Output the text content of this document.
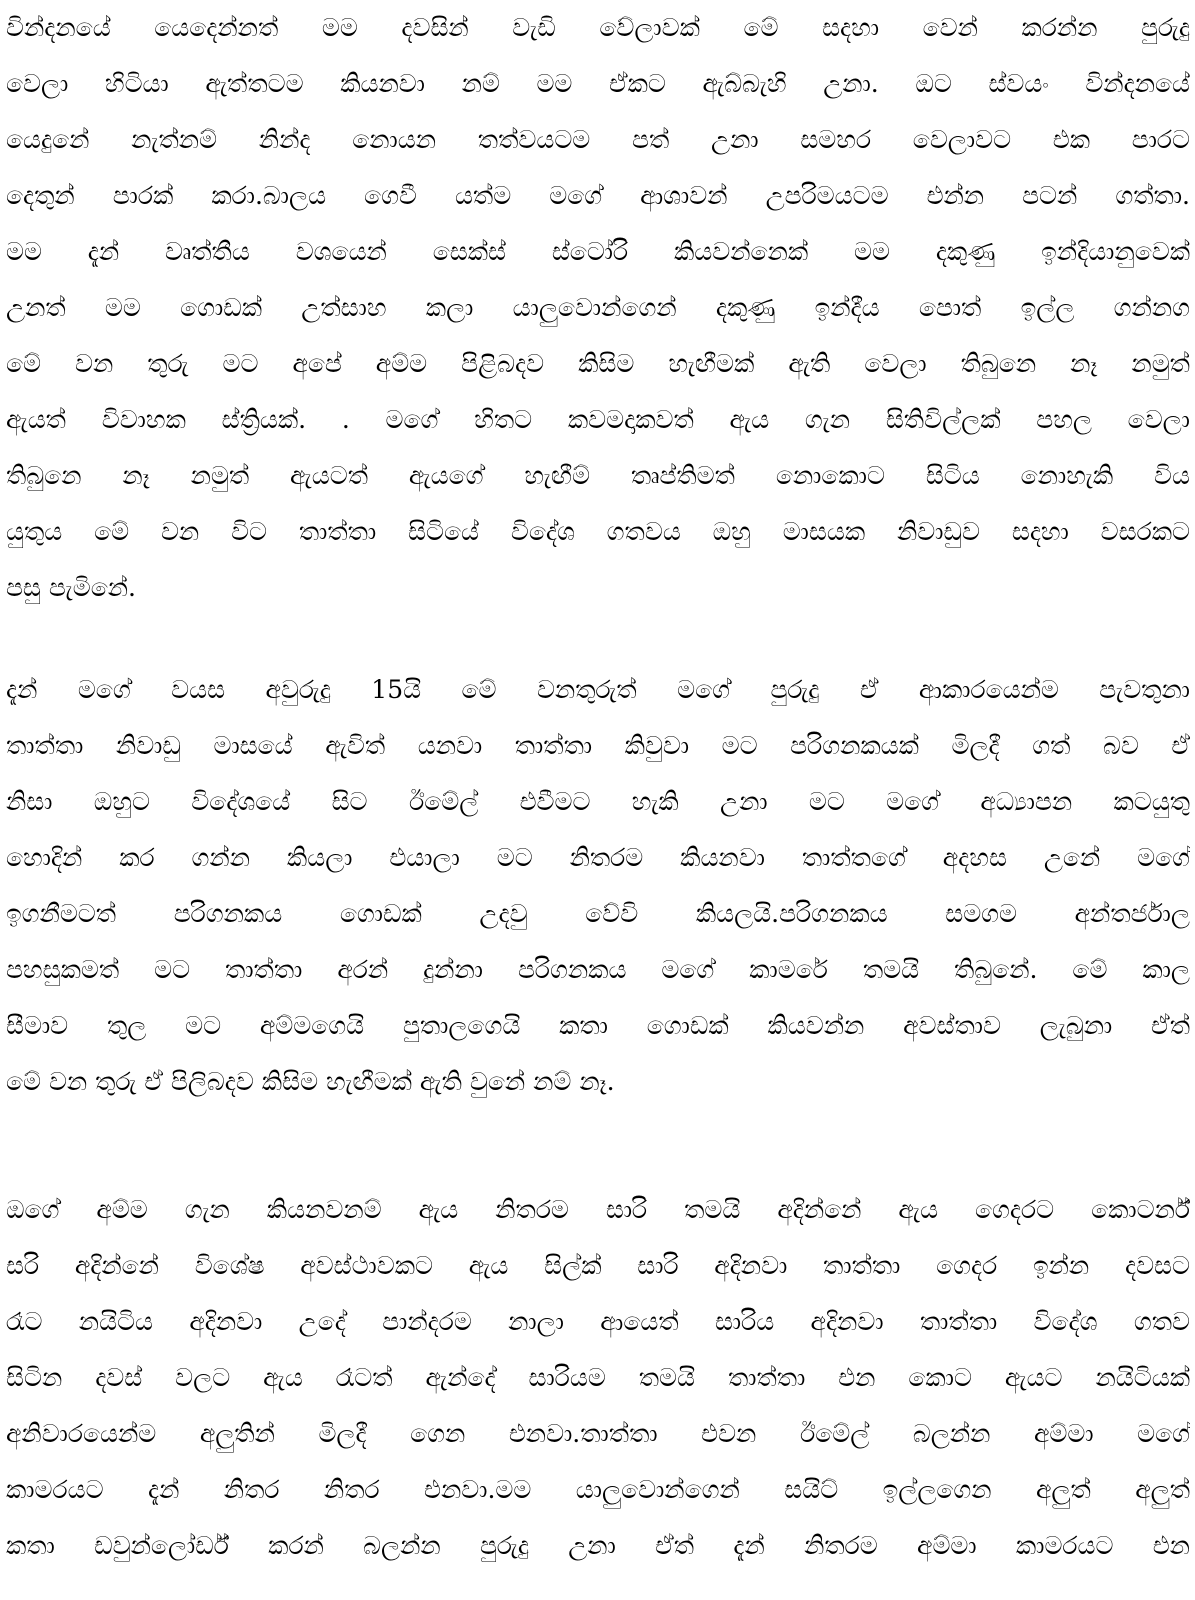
වින්දනයේ යෙදෙන්නත් මම දවසින් වැඩි වේලාවක් මේ සදහා වෙන් කරන්න පුරුදු
වෙලා හිටියා ඇත්තටම කියනවා නම් මම ඒකට ඇබ්බැහි උනා. ඔට ස්වයං වින්දනයේ
යෙදුනේ නැත්නම් නින්ද නොයන තත්වයටම පත් උනා සමහර වෙලාවට එක පාරට
දෙතුන් පාරක් කරා.බාලය ගෙවී යත්ම මගේ ආශාවන් උපරිමයටම එන්න පටන් ගත්තා.
මම දැන් වෘත්තීය වශයෙන් සෙක්ස් ස්ටෝරි කියවන්නෙක් මම දකුණු ඉන්දියානුවෙක්
උනත් මම ගොඩක් උත්සාහ කලා යාලුවොන්ගෙන් දකුණු ඉන්දීය පොත් ඉල්ල ගන්නග
මේ වන තුරු මට අපේ අම්ම පිළිබදව කිසිම හැඟීමක් ඇති වෙලා තිබුනෙ නෑ නමුත්
ඇයත් විවාහක ස්ත්‍රියක්. . මගේ හිතට කවමදාකවත් ඇය ගැන සිතිවිල්ලක් පහල වෙලා
තිබුනෙ නෑ නමුත් ඇයටත් ඇයගේ හැඟීම් තෘප්තිමත් නොකොට සිටිය නොහැකි විය
යුතුය මේ වන විට තාත්තා සිටියේ විදේශ ගතවය ඔහු මාසයක නිවාඩුව සදහා වසරකට
පසු පැමිනේ.
දැන් මගේ වයස අවුරුදු 15යි මේ වනතුරුත් මගේ පුරුදු ඒ ආකාරයෙන්ම පැවතුනා
තාත්තා නිවාඩු මාසයේ ඇවිත් යනවා තාත්තා කිවුවා මට පරිගනකයක් මිලදී ගත් බව ඒ
නිසා ඔහුට විදේශයේ සිට ඊමේල් එවීමට හැකි උනා මට මගේ අධ්‍යාපන කටයුතු
හොදින් කර ගන්න කියලා එයාලා මට නිතරම කියනවා තාත්තගේ අදහස උනේ මගේ
ඉගනීමටත් පරිගනකය ගොඩක් උදවු වේවි කියලයි.පරිගනකය සමගම අන්තර්ජාල
පහසුකමත් මට තාත්තා අරන් දුන්නා පරිගනකය මගේ කාමරේ තමයි තිබුනේ. මේ කාල
සීමාව තුල මට අම්මගෙයි පුතාලගෙයි කතා ගොඩක් කියවන්න අවස්තාව ලැබුනා ඒත්
මේ වන තුරු ඒ පිලිබදව කිසිම හැඟීමක් ඇති වුනේ නම් නෑ.
ඔගේ අම්ම ගැන කියනවනම් ඇය නිතරම සාරි තමයි අදින්නේ ඇය ගෙදරට කොටර්න්
සරි අදින්නේ විශේෂ අවස්ථාවකට ඇය සිල්ක් සාරි අදිනවා තාත්තා ගෙදර ඉන්න දවසට
රෑට නයිටිය අදිනවා උදේ පාන්දරම නාලා ආයෙත් සාරිය අදිනවා තාත්තා විදේශ ගතව
සිටින දවස් වලට ඇය රෑටත් ඇන්දේ සාරියම තමයි තාත්තා එන කොට ඇයට නයිටියක්
අනිවාරයෙන්ම අලුතින් මිලදී ගෙන එනවා.තාත්තා එවන ඊමේල් බලන්න අම්මා මගේ
කාමරයට දැන් නිතර නිතර එනවා.මම යාලුවොන්ගෙන් සයිට් ඉල්ලගෙන අලුත් අලුත්
කතා ඩවුන්ලෝර්ඩ් කරන් බලන්න පුරුදු උනා ඒත් දැන් නිතරම අම්මා කාමරයට එන
